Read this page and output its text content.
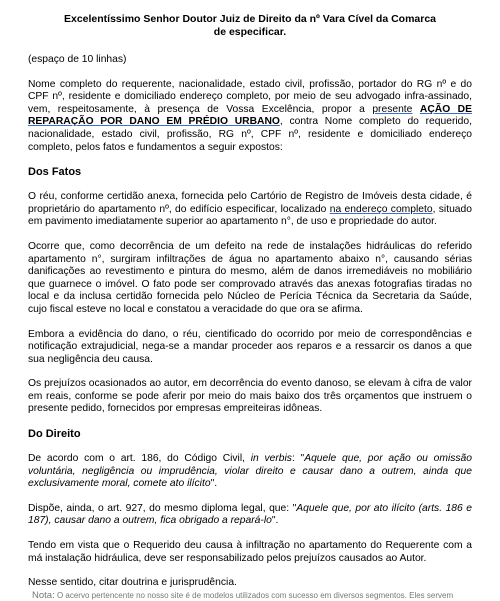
Excelentíssimo Senhor Doutor Juiz de Direito da nº Vara Cível da Comarca
de especificar.

(espaço de 10 linhas)

Nome completo do requerente, nacionalidade, estado civil, profissão, portador do RG nº e do CPF nº, residente e domiciliado endereço completo, por meio de seu advogado infra-assinado, vem, respeitosamente, à presença de Vossa Excelência, propor a presente AÇÃO DE REPARAÇÃO POR DANO EM PRÉDIO URBANO, contra Nome completo do requerido, nacionalidade, estado civil, profissão, RG nº, CPF nº, residente e domiciliado endereço completo, pelos fatos e fundamentos a seguir expostos:

Dos Fatos

O réu, conforme certidão anexa, fornecida pelo Cartório de Registro de Imóveis desta cidade, é proprietário do apartamento nº, do edifício especificar, localizado na endereço completo, situado em pavimento imediatamente superior ao apartamento n°, de uso e propriedade do autor.

Ocorre que, como decorrência de um defeito na rede de instalações hidráulicas do referido apartamento n°, surgiram infiltrações de água no apartamento abaixo n°, causando sérias danificações ao revestimento e pintura do mesmo, além de danos irremediáveis no mobiliário que guarnece o imóvel. O fato pode ser comprovado através das anexas fotografias tiradas no local e da inclusa certidão fornecida pelo Núcleo de Perícia Técnica da Secretaria da Saúde, cujo fiscal esteve no local e constatou a veracidade do que ora se afirma.

Embora a evidência do dano, o réu, cientificado do ocorrido por meio de correspondências e notificação extrajudicial, nega-se a mandar proceder aos reparos e a ressarcir os danos a que sua negligência deu causa.

Os prejuízos ocasionados ao autor, em decorrência do evento danoso, se elevam à cifra de valor em reais, conforme se pode aferir por meio do mais baixo dos três orçamentos que instruem o presente pedido, fornecidos por empresas empreiteiras idôneas.

Do Direito

De acordo com o art. 186, do Código Civil, in verbis: "Aquele que, por ação ou omissão voluntária, negligência ou imprudência, violar direito e causar dano a outrem, ainda que exclusivamente moral, comete ato ilícito".

Dispõe, ainda, o art. 927, do mesmo diploma legal, que: "Aquele que, por ato ilícito (arts. 186 e 187), causar dano a outrem, fica obrigado a repará-lo".

Tendo em vista que o Requerido deu causa à infiltração no apartamento do Requerente com a má instalação hidráulica, deve ser responsabilizado pelos prejuízos causados ao Autor.

Nesse sentido, citar doutrina e jurisprudência.

Nota: O acervo pertencente no nosso site é de modelos utilizados com sucesso em diversos segmentos. Eles servem
